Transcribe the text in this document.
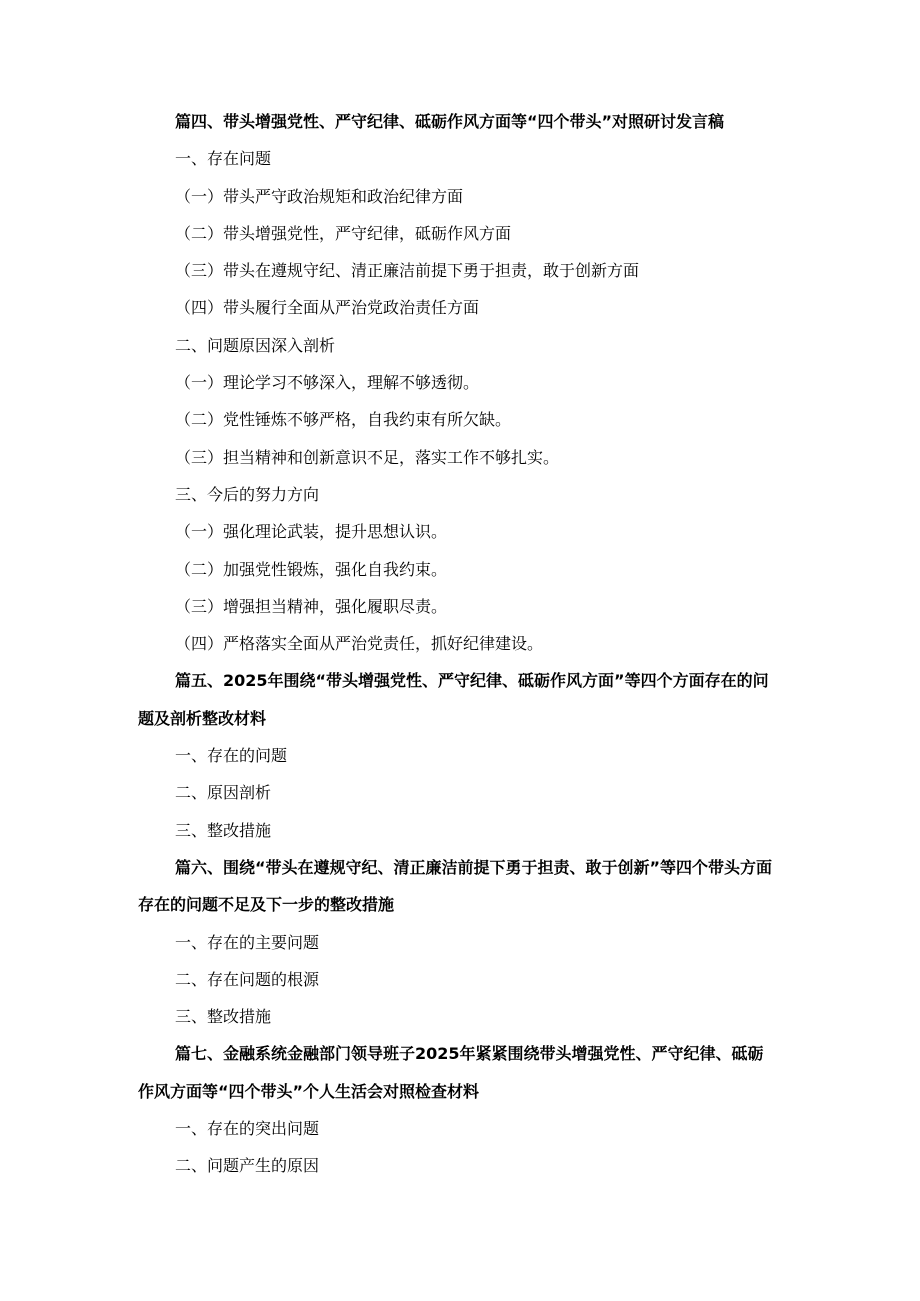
篇四、带头增强党性、严守纪律、砥砺作风方面等“四个带头”对照研讨发言稿

一、存在问题

（一）带头严守政治规矩和政治纪律方面

（二）带头增强党性，严守纪律，砥砺作风方面

（三）带头在遵规守纪、清正廉洁前提下勇于担责，敢于创新方面

（四）带头履行全面从严治党政治责任方面

二、问题原因深入剖析

（一）理论学习不够深入，理解不够透彻。

（二）党性锤炼不够严格，自我约束有所欠缺。

（三）担当精神和创新意识不足，落实工作不够扎实。

三、今后的努力方向

（一）强化理论武装，提升思想认识。

（二）加强党性锻炼，强化自我约束。

（三）增强担当精神，强化履职尽责。

（四）严格落实全面从严治党责任，抓好纪律建设。

篇五、2025年围绕“带头增强党性、严守纪律、砥砺作风方面”等四个方面存在的问题及剖析整改材料

一、存在的问题

二、原因剖析

三、整改措施

篇六、围绕“带头在遵规守纪、清正廉洁前提下勇于担责、敢于创新”等四个带头方面存在的问题不足及下一步的整改措施

一、存在的主要问题

二、存在问题的根源

三、整改措施

篇七、金融系统金融部门领导班子2025年紧紧围绕带头增强党性、严守纪律、砥砺作风方面等“四个带头”个人生活会对照检查材料

一、存在的突出问题

二、问题产生的原因
